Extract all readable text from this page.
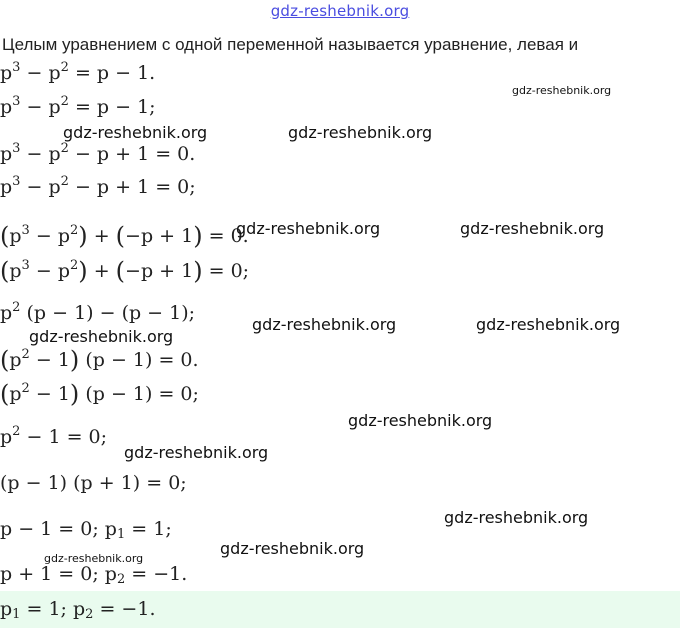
gdz-reshebnik.org
Целым уравнением с одной переменной называется уравнение, левая и
$p^3 - p^2 = p - 1$.
$p^3 - p^2 = p - 1$;
$p^3 - p^2 - p + 1 = 0$.
$p^3 - p^2 - p + 1 = 0$;
$(p^3 - p^2) + (-p + 1) = 0$.
$(p^3 - p^2) + (-p + 1) = 0$;
$p^2$ (p − 1) − (p − 1);
$(p^2 - 1) (p - 1) = 0$.
$(p^2 - 1) (p - 1) = 0$;
$p^2 - 1 = 0$;
(p − 1) (p + 1) = 0;
p − 1 = 0; $p_1 = 1$;
p + 1 = 0; $p_2 = -1$.
$p_1 = 1$; $p_2 = -1$.
gdz-reshebnik.org
gdz-reshebnik.org	gdz-reshebnik.org
gdz-reshebnik.org	gdz-reshebnik.org
gdz-reshebnik.org	gdz-reshebnik.org
gdz-reshebnik.org
gdz-reshebnik.org
gdz-reshebnik.org
gdz-reshebnik.org
gdz-reshebnik.org
gdz-reshebnik.org
